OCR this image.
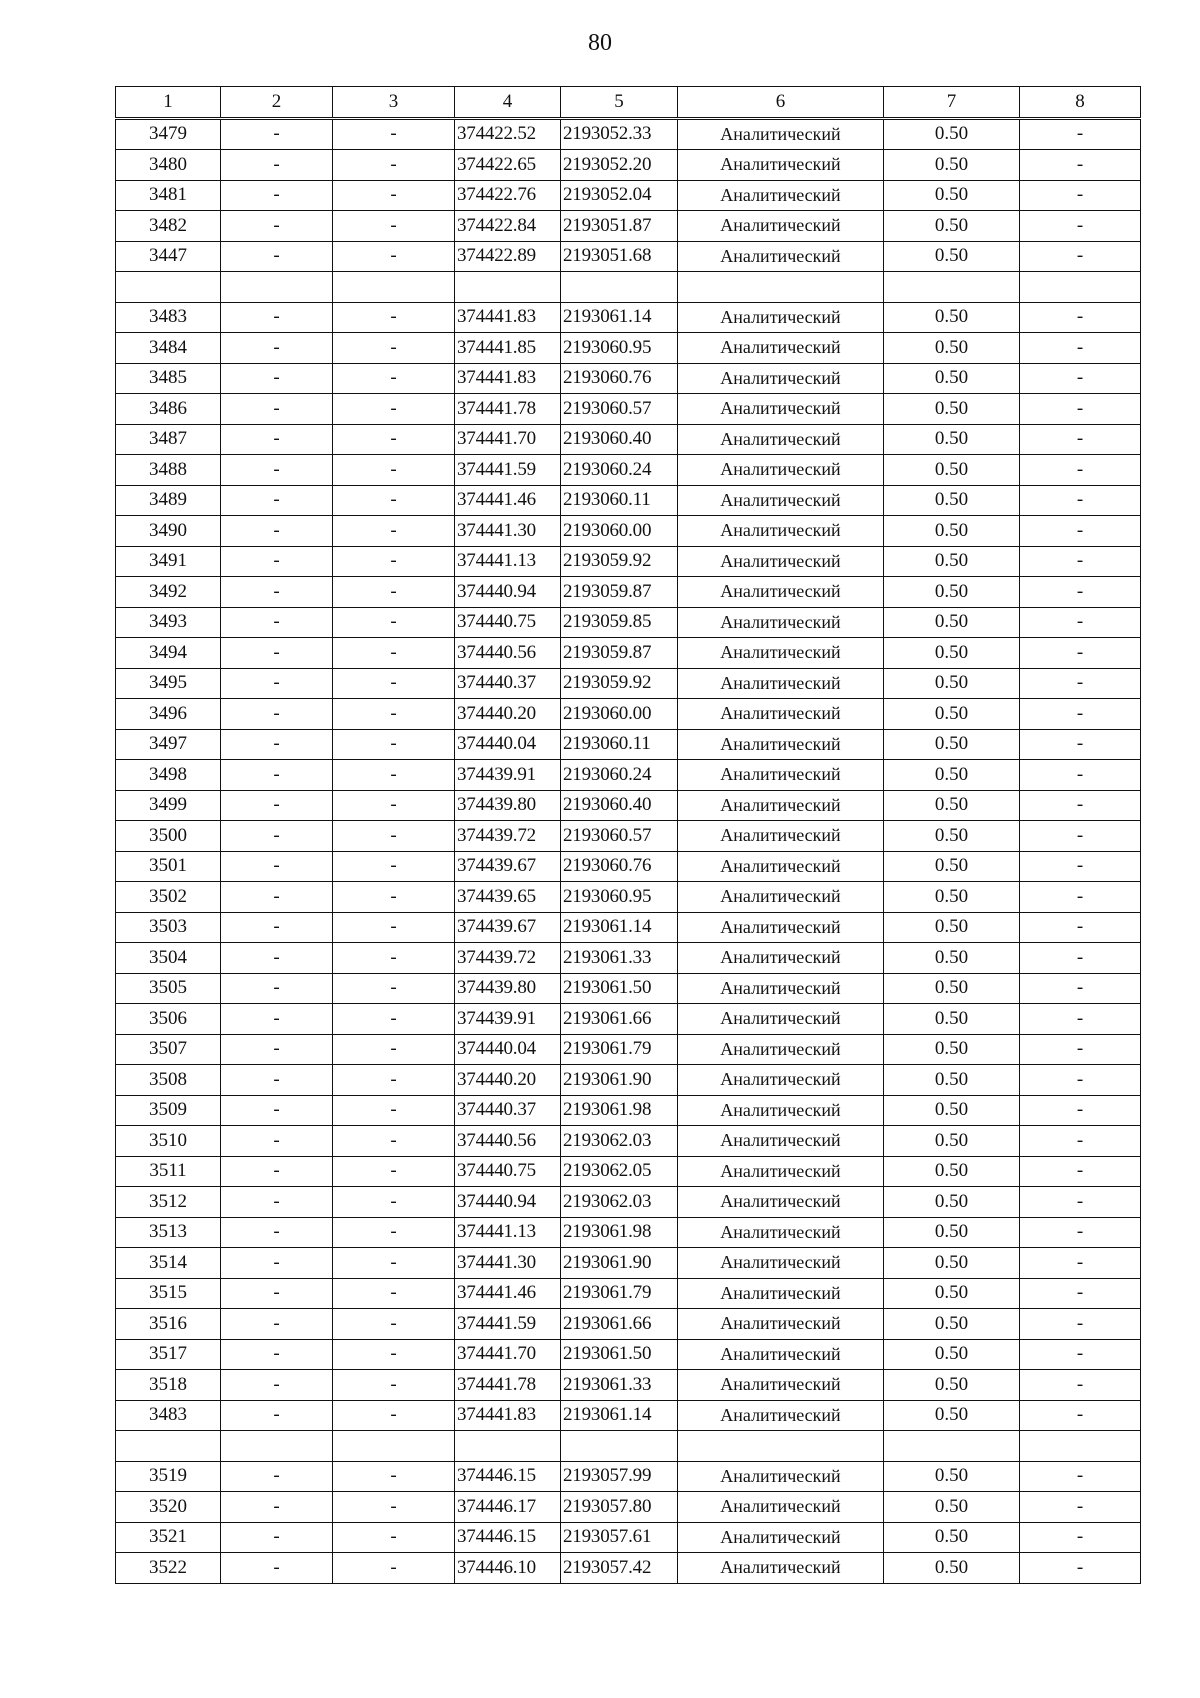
80
1	2	3	4	5	6	7	8
3479	-	-	374422.52	2193052.33	Аналитический	0.50	-
3480	-	-	374422.65	2193052.20	Аналитический	0.50	-
3481	-	-	374422.76	2193052.04	Аналитический	0.50	-
3482	-	-	374422.84	2193051.87	Аналитический	0.50	-
3447	-	-	374422.89	2193051.68	Аналитический	0.50	-

3483	-	-	374441.83	2193061.14	Аналитический	0.50	-
3484	-	-	374441.85	2193060.95	Аналитический	0.50	-
3485	-	-	374441.83	2193060.76	Аналитический	0.50	-
3486	-	-	374441.78	2193060.57	Аналитический	0.50	-
3487	-	-	374441.70	2193060.40	Аналитический	0.50	-
3488	-	-	374441.59	2193060.24	Аналитический	0.50	-
3489	-	-	374441.46	2193060.11	Аналитический	0.50	-
3490	-	-	374441.30	2193060.00	Аналитический	0.50	-
3491	-	-	374441.13	2193059.92	Аналитический	0.50	-
3492	-	-	374440.94	2193059.87	Аналитический	0.50	-
3493	-	-	374440.75	2193059.85	Аналитический	0.50	-
3494	-	-	374440.56	2193059.87	Аналитический	0.50	-
3495	-	-	374440.37	2193059.92	Аналитический	0.50	-
3496	-	-	374440.20	2193060.00	Аналитический	0.50	-
3497	-	-	374440.04	2193060.11	Аналитический	0.50	-
3498	-	-	374439.91	2193060.24	Аналитический	0.50	-
3499	-	-	374439.80	2193060.40	Аналитический	0.50	-
3500	-	-	374439.72	2193060.57	Аналитический	0.50	-
3501	-	-	374439.67	2193060.76	Аналитический	0.50	-
3502	-	-	374439.65	2193060.95	Аналитический	0.50	-
3503	-	-	374439.67	2193061.14	Аналитический	0.50	-
3504	-	-	374439.72	2193061.33	Аналитический	0.50	-
3505	-	-	374439.80	2193061.50	Аналитический	0.50	-
3506	-	-	374439.91	2193061.66	Аналитический	0.50	-
3507	-	-	374440.04	2193061.79	Аналитический	0.50	-
3508	-	-	374440.20	2193061.90	Аналитический	0.50	-
3509	-	-	374440.37	2193061.98	Аналитический	0.50	-
3510	-	-	374440.56	2193062.03	Аналитический	0.50	-
3511	-	-	374440.75	2193062.05	Аналитический	0.50	-
3512	-	-	374440.94	2193062.03	Аналитический	0.50	-
3513	-	-	374441.13	2193061.98	Аналитический	0.50	-
3514	-	-	374441.30	2193061.90	Аналитический	0.50	-
3515	-	-	374441.46	2193061.79	Аналитический	0.50	-
3516	-	-	374441.59	2193061.66	Аналитический	0.50	-
3517	-	-	374441.70	2193061.50	Аналитический	0.50	-
3518	-	-	374441.78	2193061.33	Аналитический	0.50	-
3483	-	-	374441.83	2193061.14	Аналитический	0.50	-

3519	-	-	374446.15	2193057.99	Аналитический	0.50	-
3520	-	-	374446.17	2193057.80	Аналитический	0.50	-
3521	-	-	374446.15	2193057.61	Аналитический	0.50	-
3522	-	-	374446.10	2193057.42	Аналитический	0.50	-
